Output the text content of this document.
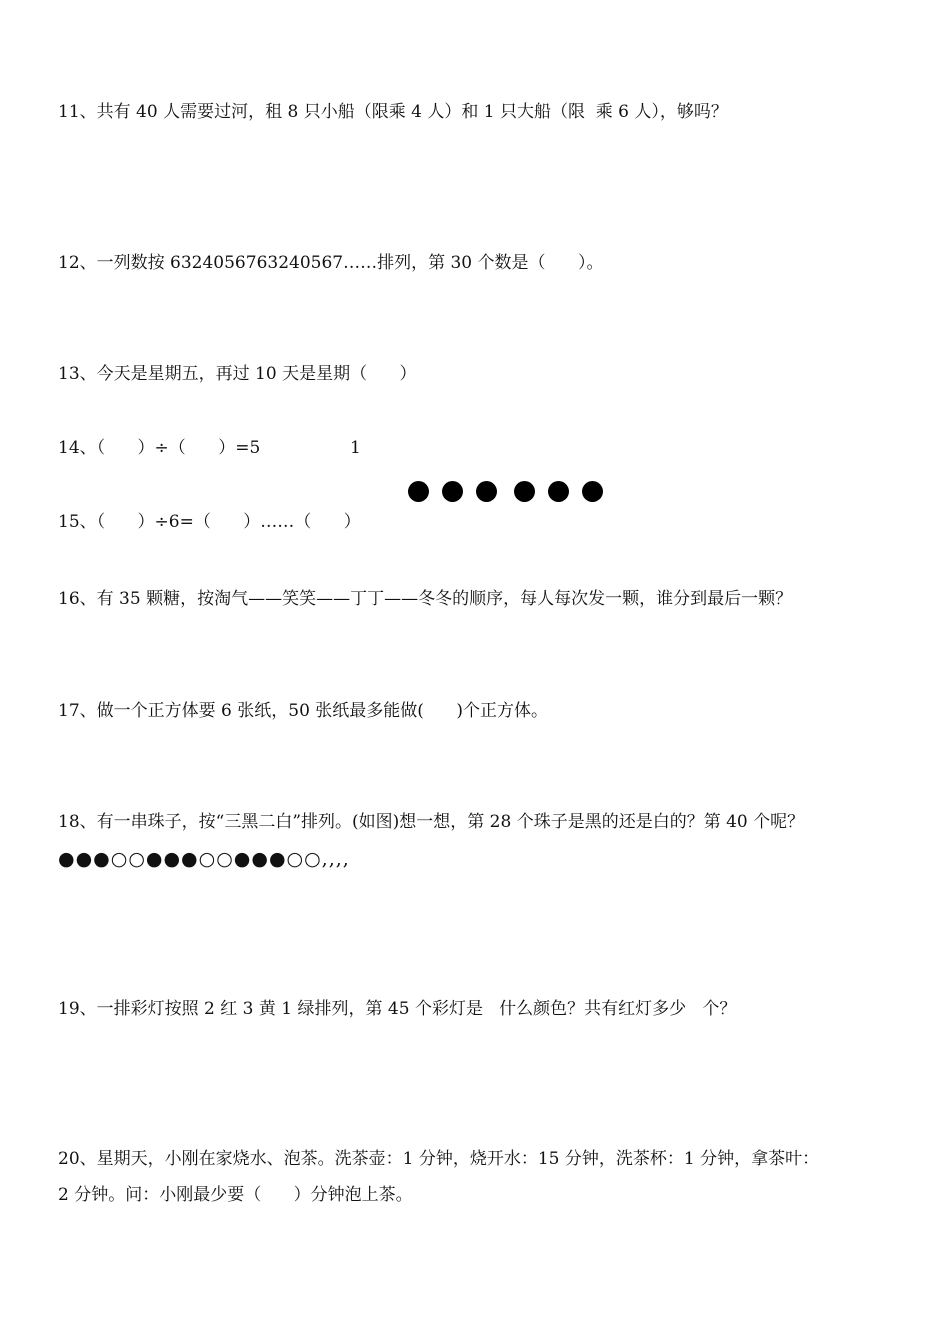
11、共有 40 人需要过河，租 8 只小船（限乘 4 人）和 1 只大船（限  乘 6 人），够吗？
12、一列数按 6324056763240567……排列，第 30 个数是（      ）。
13、今天是星期五，再过 10 天是星期（      ）
14、（      ）÷（      ）=5	1
15、（      ）÷6=（      ）……（      ）
16、有 35 颗糖，按淘气——笑笑——丁丁——冬冬的顺序，每人每次发一颗，谁分到最后一颗？
17、做一个正方体要 6 张纸，50 张纸最多能做(      )个正方体。
18、有一串珠子，按“三黑二白”排列。(如图)想一想，第 28 个珠子是黑的还是白的？第 40 个呢？
●●●○○●●●○○●●●○○,,,,
19、一排彩灯按照 2 红 3 黄 1 绿排列，第 45 个彩灯是   什么颜色？共有红灯多少   个？
20、星期天，小刚在家烧水、泡茶。洗茶壶：1 分钟，烧开水：15 分钟，洗茶杯：1 分钟，拿茶叶：
2 分钟。问：小刚最少要（      ）分钟泡上茶。
